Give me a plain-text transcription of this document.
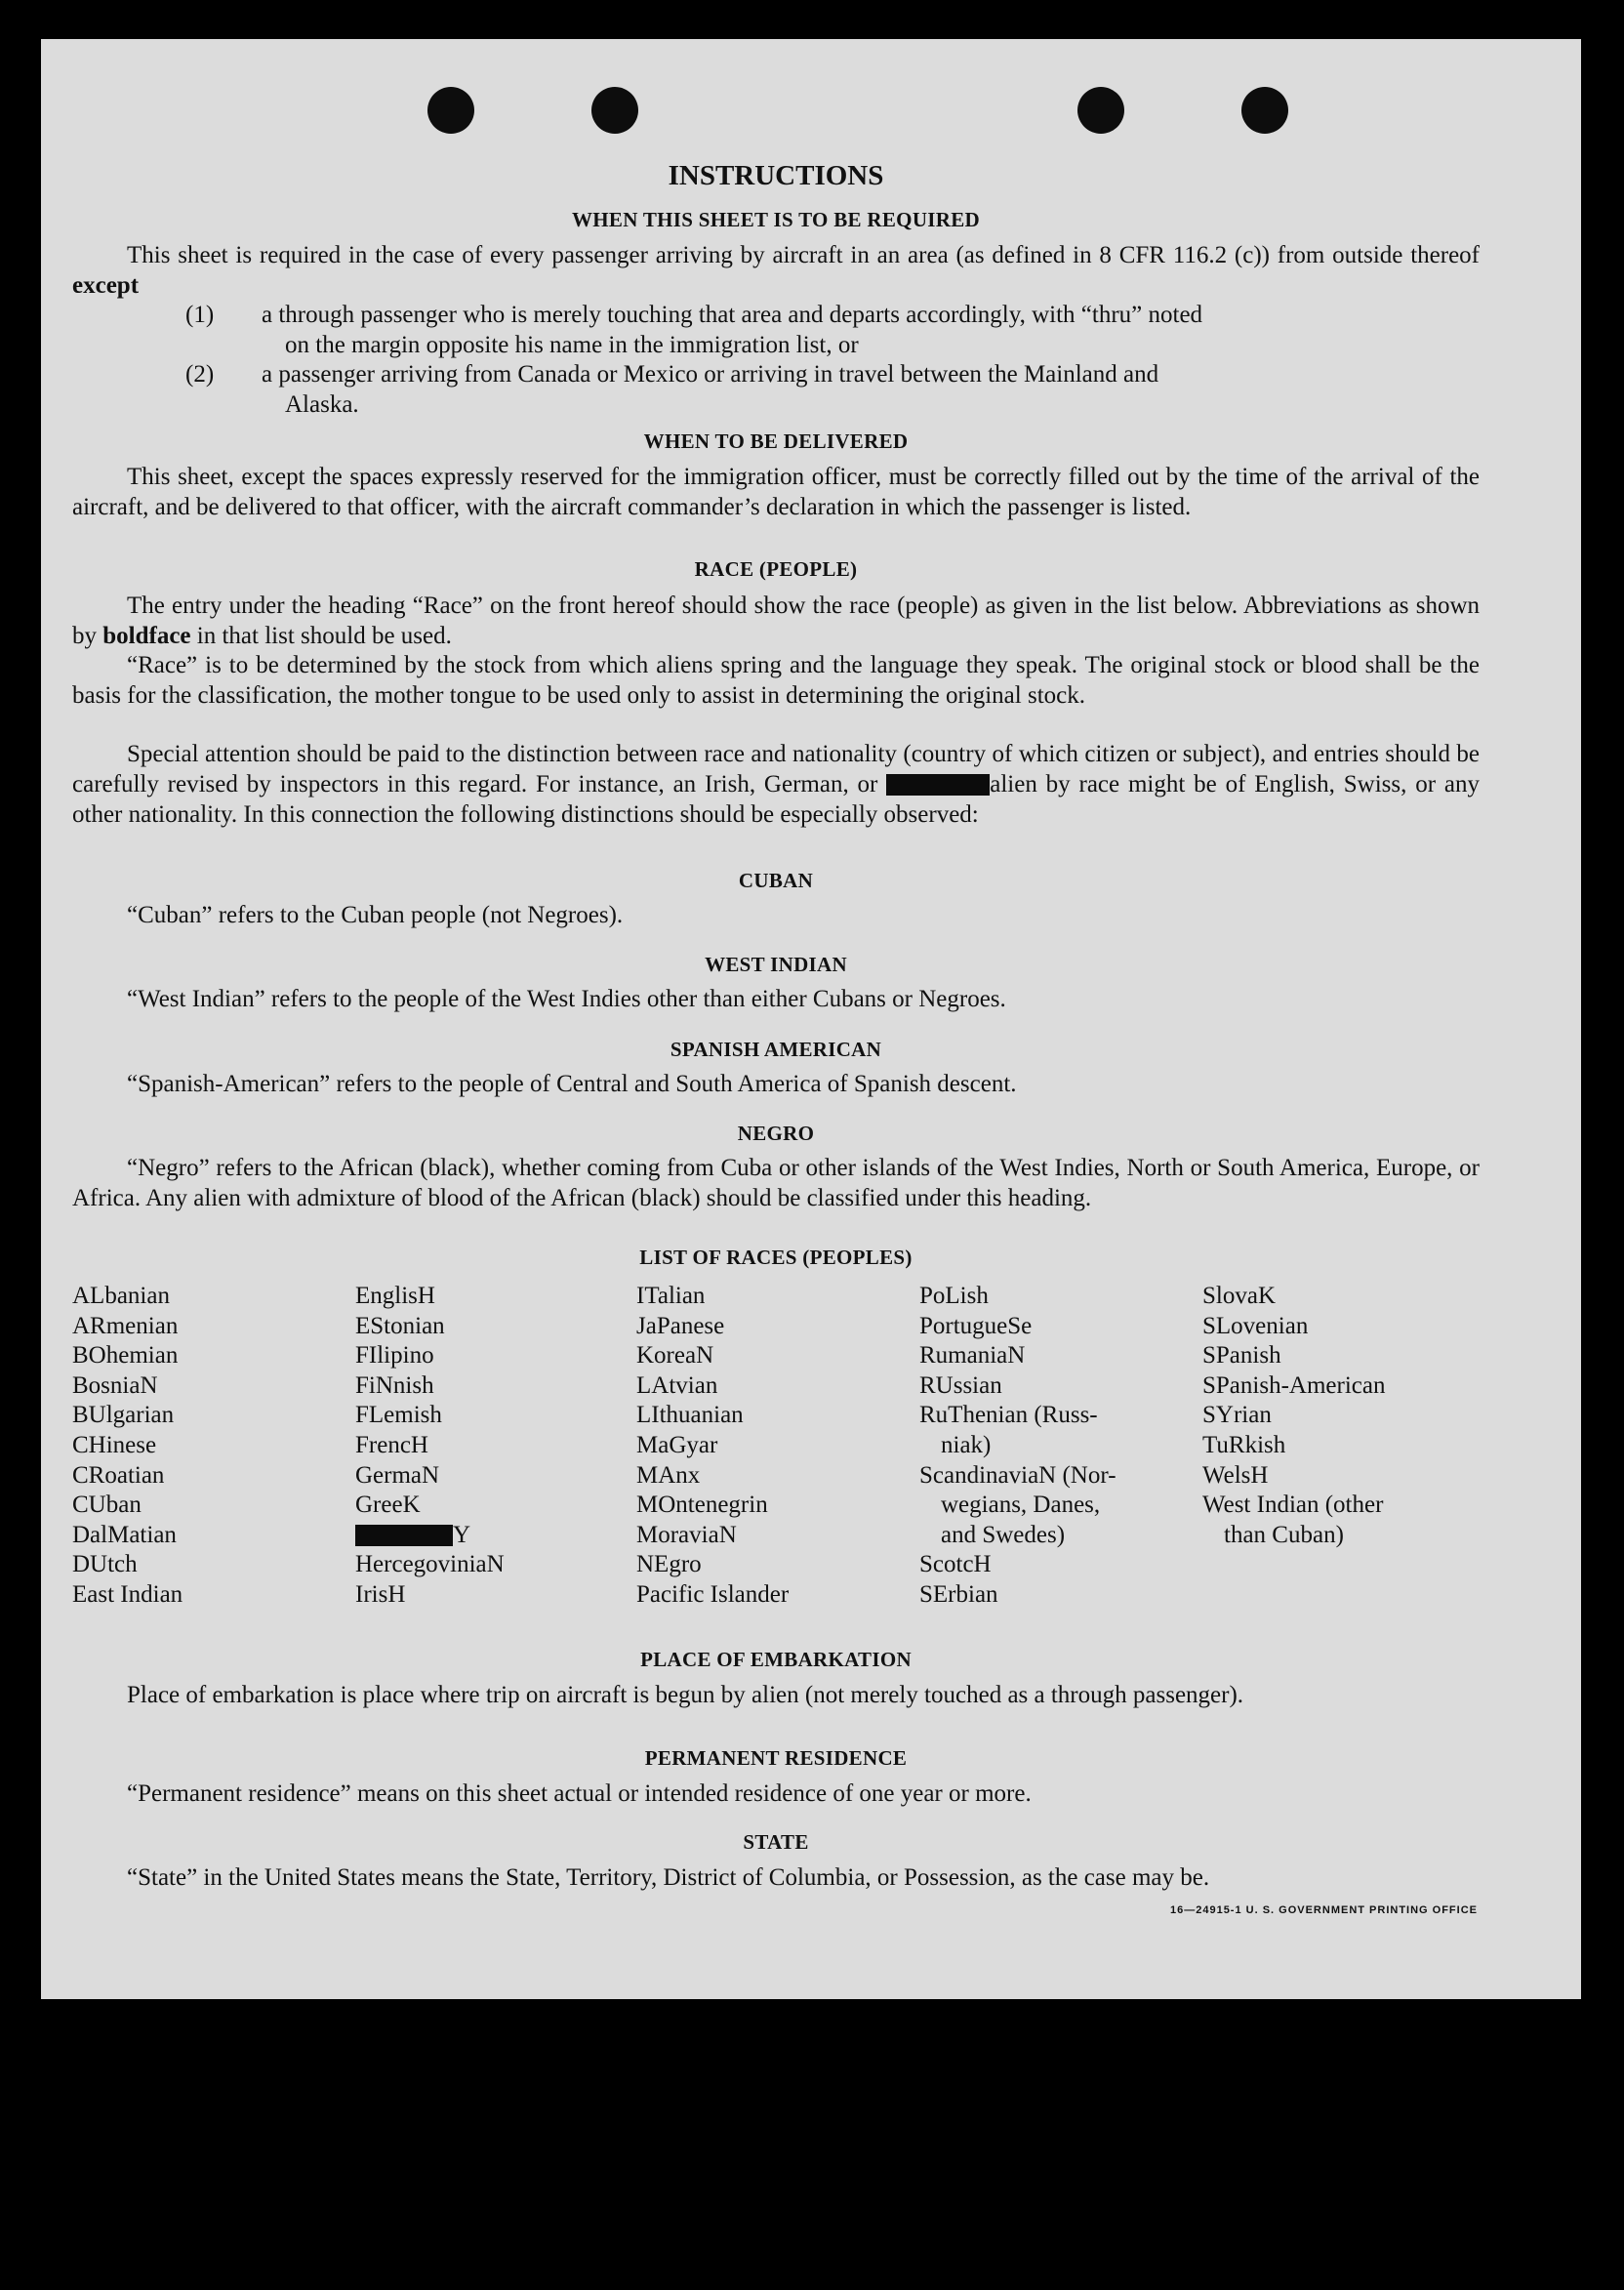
INSTRUCTIONS
WHEN THIS SHEET IS TO BE REQUIRED
This sheet is required in the case of every passenger arriving by aircraft in an area (as defined in 8 CFR 116.2 (c)) from outside thereof except
(1) a through passenger who is merely touching that area and departs accordingly, with “thru” noted
on the margin opposite his name in the immigration list, or
(2) a passenger arriving from Canada or Mexico or arriving in travel between the Mainland and
Alaska.
WHEN TO BE DELIVERED
This sheet, except the spaces expressly reserved for the immigration officer, must be correctly filled out by the time of the arrival of the aircraft, and be delivered to that officer, with the aircraft commander’s declaration in which the passenger is listed.
RACE (PEOPLE)
The entry under the heading “Race” on the front hereof should show the race (people) as given in the list below. Abbreviations as shown by boldface in that list should be used.
“Race” is to be determined by the stock from which aliens spring and the language they speak. The original stock or blood shall be the basis for the classification, the mother tongue to be used only to assist in determining the original stock.
Special attention should be paid to the distinction between race and nationality (country of which citizen or subject), and entries should be carefully revised by inspectors in this regard. For instance, an Irish, German, or	alien by race might be of English, Swiss, or any other nationality. In this connection the following distinctions should be especially observed:
CUBAN
“Cuban” refers to the Cuban people (not Negroes).
WEST INDIAN
“West Indian” refers to the people of the West Indies other than either Cubans or Negroes.
SPANISH AMERICAN
“Spanish-American” refers to the people of Central and South America of Spanish descent.
NEGRO
“Negro” refers to the African (black), whether coming from Cuba or other islands of the West Indies, North or South America, Europe, or Africa. Any alien with admixture of blood of the African (black) should be classified under this heading.
LIST OF RACES (PEOPLES)
ALbanian
ARmenian
BOhemian
BosniaN
BUlgarian
CHinese
CRoatian
CUban
DalMatian
DUtch
East Indian
EnglisH
EStonian
FIlipino
FiNnish
FLemish
FrencH
GermaN
GreeK
Y
HercegoviniaN
IrisH
ITalian
JaPanese
KoreaN
LAtvian
LIthuanian
MaGyar
MAnx
MOntenegrin
MoraviaN
NEgro
Pacific Islander
PoLish
PortugueSe
RumaniaN
RUssian
RuThenian (Russ-
niak)
ScandinaviaN (Nor-
wegians, Danes,
and Swedes)
ScotcH
SErbian
SlovaK
SLovenian
SPanish
SPanish-American
SYrian
TuRkish
WelsH
West Indian (other
than Cuban)
PLACE OF EMBARKATION
Place of embarkation is place where trip on aircraft is begun by alien (not merely touched as a through passenger).
PERMANENT RESIDENCE
“Permanent residence” means on this sheet actual or intended residence of one year or more.
STATE
“State” in the United States means the State, Territory, District of Columbia, or Possession, as the case may be.
16—24915-1 U. S. GOVERNMENT PRINTING OFFICE
